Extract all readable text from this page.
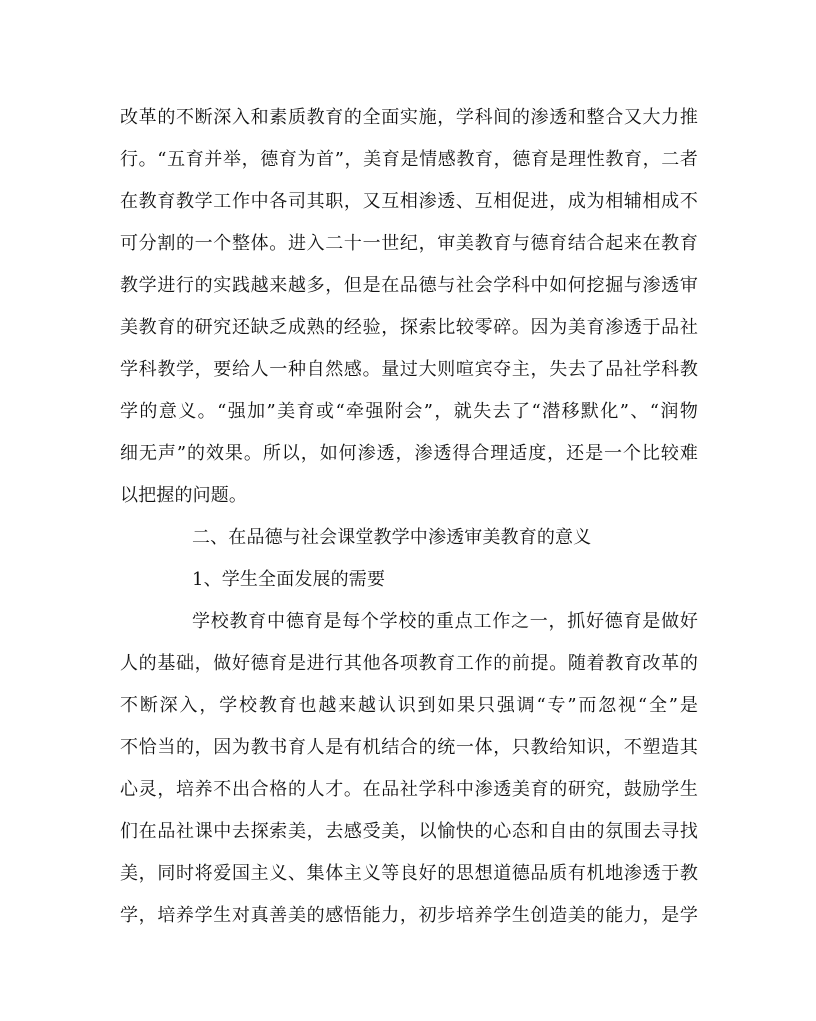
改革的不断深入和素质教育的全面实施，学科间的渗透和整合又大力推
行。“五育并举，德育为首”，美育是情感教育，德育是理性教育，二者
在教育教学工作中各司其职，又互相渗透、互相促进，成为相辅相成不
可分割的一个整体。进入二十一世纪，审美教育与德育结合起来在教育
教学进行的实践越来越多，但是在品德与社会学科中如何挖掘与渗透审
美教育的研究还缺乏成熟的经验，探索比较零碎。因为美育渗透于品社
学科教学，要给人一种自然感。量过大则喧宾夺主，失去了品社学科教
学的意义。“强加”美育或“牵强附会”，就失去了“潜移默化”、“润物
细无声”的效果。所以，如何渗透，渗透得合理适度，还是一个比较难
以把握的问题。
二、在品德与社会课堂教学中渗透审美教育的意义
1、学生全面发展的需要
学校教育中德育是每个学校的重点工作之一，抓好德育是做好
人的基础，做好德育是进行其他各项教育工作的前提。随着教育改革的
不断深入，学校教育也越来越认识到如果只强调“专”而忽视“全”是
不恰当的，因为教书育人是有机结合的统一体，只教给知识，不塑造其
心灵，培养不出合格的人才。在品社学科中渗透美育的研究，鼓励学生
们在品社课中去探索美，去感受美，以愉快的心态和自由的氛围去寻找
美，同时将爱国主义、集体主义等良好的思想道德品质有机地渗透于教
学，培养学生对真善美的感悟能力，初步培养学生创造美的能力，是学
